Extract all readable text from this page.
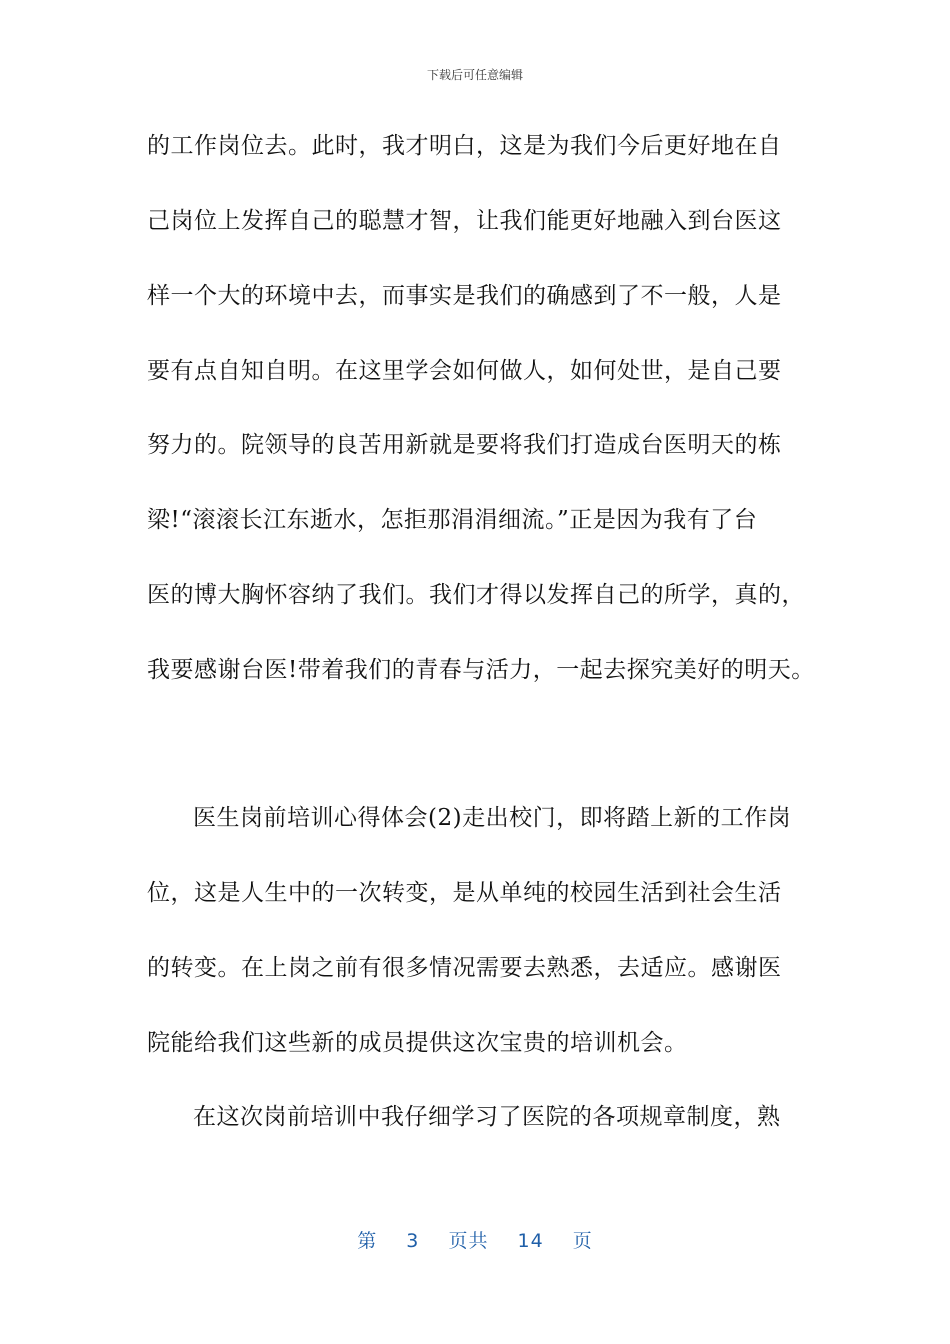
下载后可任意编辑
的工作岗位去。此时，我才明白，这是为我们今后更好地在自
己岗位上发挥自己的聪慧才智，让我们能更好地融入到台医这
样一个大的环境中去，而事实是我们的确感到了不一般，人是
要有点自知自明。在这里学会如何做人，如何处世，是自己要
努力的。院领导的良苦用新就是要将我们打造成台医明天的栋
梁!“滚滚长江东逝水，怎拒那涓涓细流。”正是因为我有了台
医的博大胸怀容纳了我们。我们才得以发挥自己的所学，真的，
我要感谢台医!带着我们的青春与活力，一起去探究美好的明天。
医生岗前培训心得体会(2)走出校门，即将踏上新的工作岗
位，这是人生中的一次转变，是从单纯的校园生活到社会生活
的转变。在上岗之前有很多情况需要去熟悉，去适应。感谢医
院能给我们这些新的成员提供这次宝贵的培训机会。
在这次岗前培训中我仔细学习了医院的各项规章制度，熟
第 3 页共 14 页
